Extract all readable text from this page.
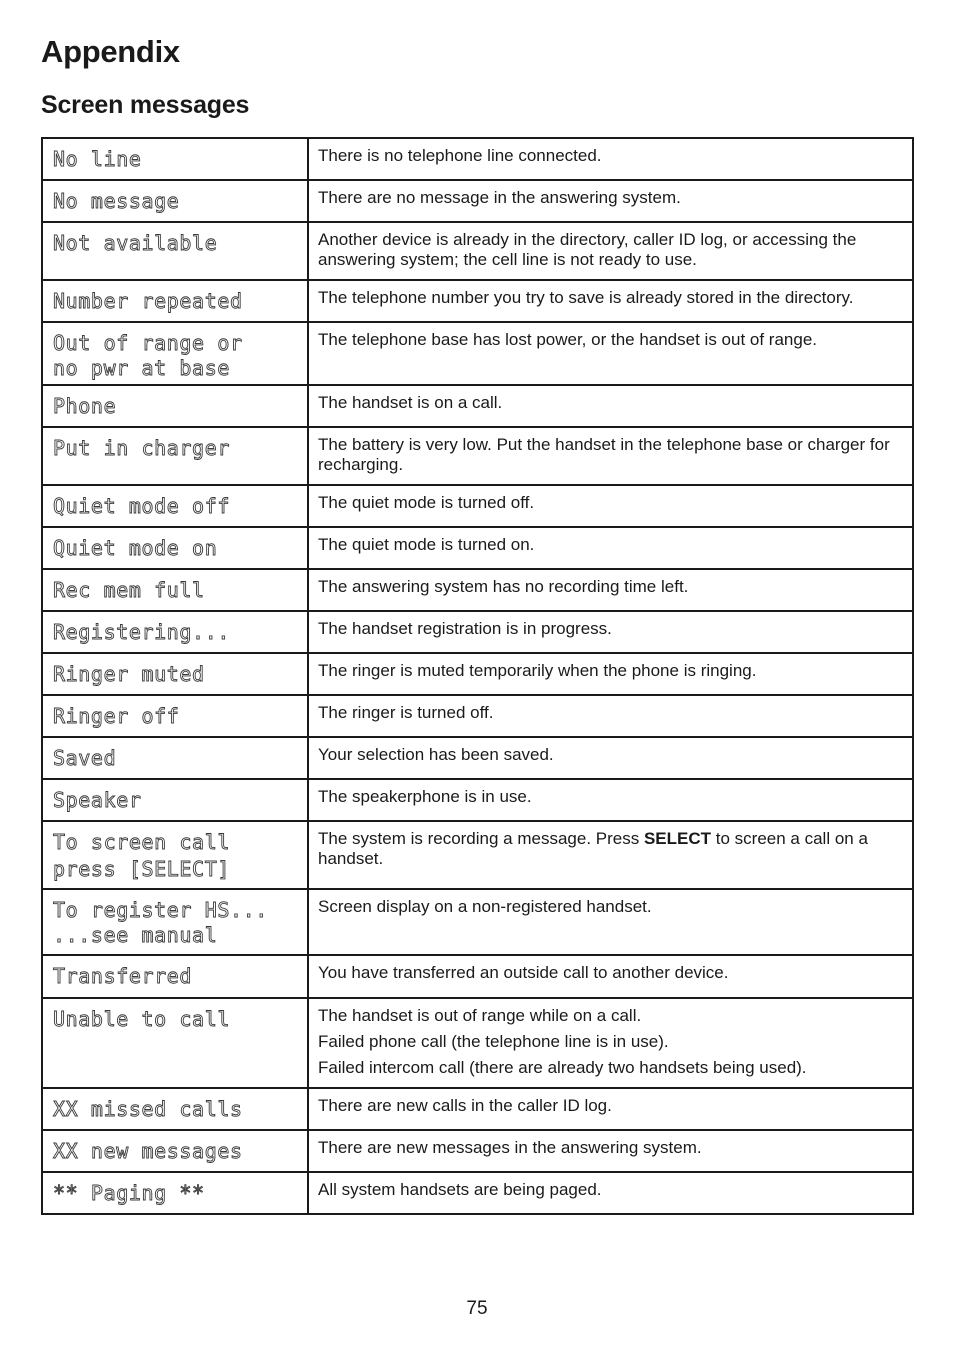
Appendix
Screen messages
No line	There is no telephone line connected.

No message	There are no message in the answering system.

Not available	Another device is already in the directory, caller ID log, or accessing the answering system; the cell line is not ready to use.

Number repeated	The telephone number you try to save is already stored in the directory.

Out of range or
no pwr at base	The telephone base has lost power, or the handset is out of range.

Phone	The handset is on a call.

Put in charger	The battery is very low. Put the handset in the telephone base or charger for recharging.

Quiet mode off	The quiet mode is turned off.

Quiet mode on	The quiet mode is turned on.

Rec mem full	The answering system has no recording time left.

Registering...	The handset registration is in progress.

Ringer muted	The ringer is muted temporarily when the phone is ringing.

Ringer off	The ringer is turned off.

Saved	Your selection has been saved.

Speaker	The speakerphone is in use.

To screen call
press [SELECT]	The system is recording a message. Press SELECT to screen a call on a handset.

To register HS...
...see manual	Screen display on a non-registered handset.

Transferred	You have transferred an outside call to another device.

Unable to call	The handset is out of range while on a call.
Failed phone call (the telephone line is in use).
Failed intercom call (there are already two handsets being used).

XX missed calls	There are new calls in the caller ID log.

XX new messages	There are new messages in the answering system.

** Paging **	All system handsets are being paged.
75
